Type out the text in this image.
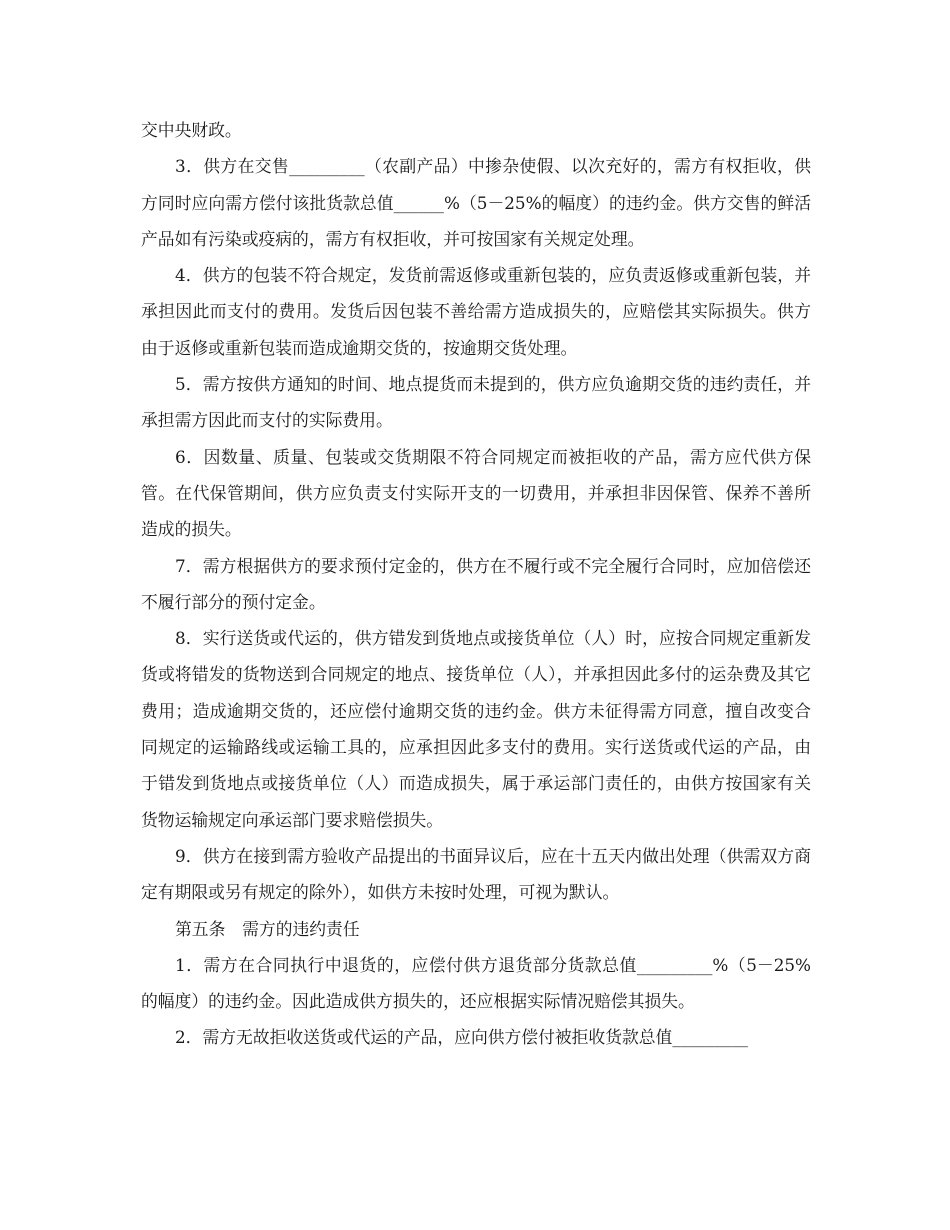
交中央财政。

3．供方在交售_________（农副产品）中掺杂使假、以次充好的，需方有权拒收，供方同时应向需方偿付该批货款总值______%（5－25%的幅度）的违约金。供方交售的鲜活产品如有污染或疫病的，需方有权拒收，并可按国家有关规定处理。

4．供方的包装不符合规定，发货前需返修或重新包装的，应负责返修或重新包装，并承担因此而支付的费用。发货后因包装不善给需方造成损失的，应赔偿其实际损失。供方由于返修或重新包装而造成逾期交货的，按逾期交货处理。

5．需方按供方通知的时间、地点提货而未提到的，供方应负逾期交货的违约责任，并承担需方因此而支付的实际费用。

6．因数量、质量、包装或交货期限不符合同规定而被拒收的产品，需方应代供方保管。在代保管期间，供方应负责支付实际开支的一切费用，并承担非因保管、保养不善所造成的损失。

7．需方根据供方的要求预付定金的，供方在不履行或不完全履行合同时，应加倍偿还不履行部分的预付定金。

8．实行送货或代运的，供方错发到货地点或接货单位（人）时，应按合同规定重新发货或将错发的货物送到合同规定的地点、接货单位（人），并承担因此多付的运杂费及其它费用；造成逾期交货的，还应偿付逾期交货的违约金。供方未征得需方同意，擅自改变合同规定的运输路线或运输工具的，应承担因此多支付的费用。实行送货或代运的产品，由于错发到货地点或接货单位（人）而造成损失，属于承运部门责任的，由供方按国家有关货物运输规定向承运部门要求赔偿损失。

9．供方在接到需方验收产品提出的书面异议后，应在十五天内做出处理（供需双方商定有期限或另有规定的除外），如供方未按时处理，可视为默认。

第五条　需方的违约责任

1．需方在合同执行中退货的，应偿付供方退货部分货款总值_________%（5－25%的幅度）的违约金。因此造成供方损失的，还应根据实际情况赔偿其损失。

2．需方无故拒收送货或代运的产品，应向供方偿付被拒收货款总值_________
